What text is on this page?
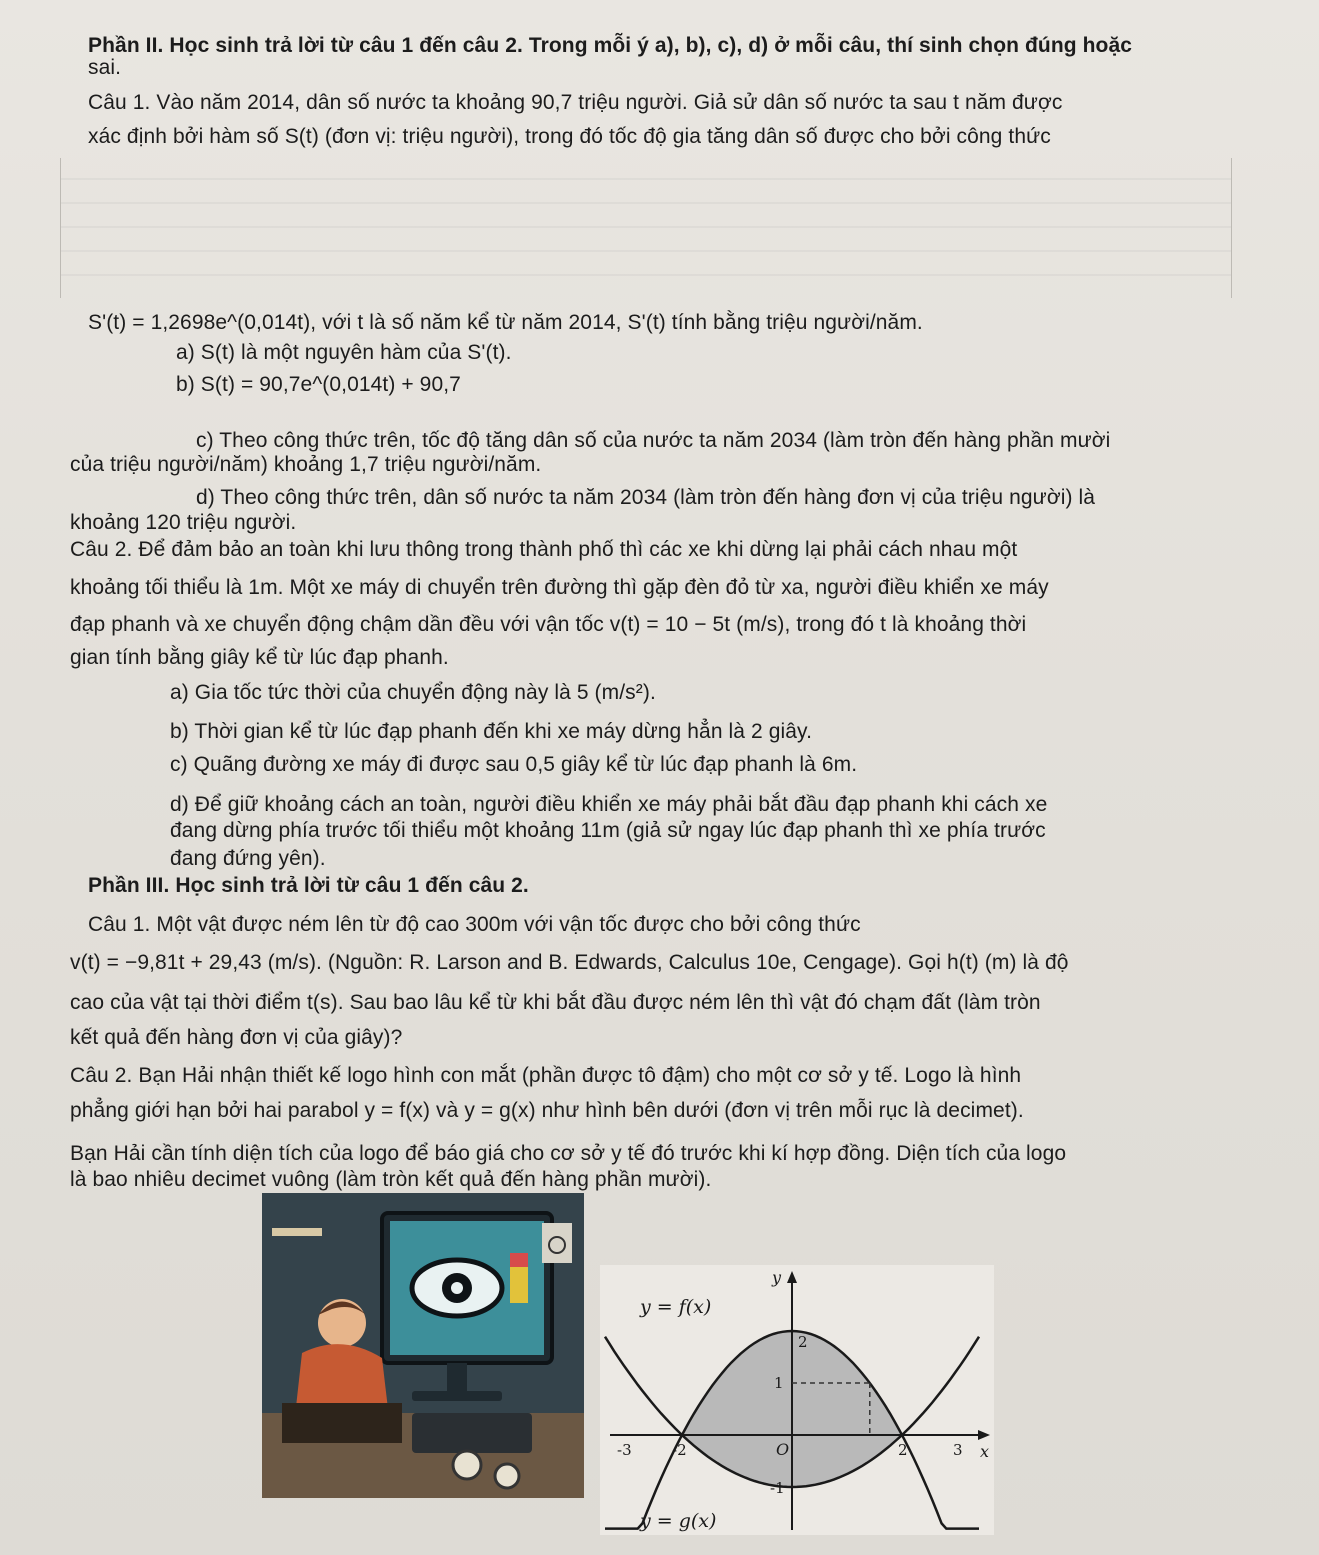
Phần II. Học sinh trả lời từ câu 1 đến câu 2. Trong mỗi ý a), b), c), d) ở mỗi câu, thí sinh chọn đúng hoặc
sai.
Câu 1. Vào năm 2014, dân số nước ta khoảng 90,7 triệu người. Giả sử dân số nước ta sau t năm được
xác định bởi hàm số S(t) (đơn vị: triệu người), trong đó tốc độ gia tăng dân số được cho bởi công thức
S'(t) = 1,2698e^(0,014t), với t là số năm kể từ năm 2014, S'(t) tính bằng triệu người/năm.
a) S(t) là một nguyên hàm của S'(t).
b) S(t) = 90,7e^(0,014t) + 90,7
c) Theo công thức trên, tốc độ tăng dân số của nước ta năm 2034 (làm tròn đến hàng phần mười
của triệu người/năm) khoảng 1,7 triệu người/năm.
d) Theo công thức trên, dân số nước ta năm 2034 (làm tròn đến hàng đơn vị của triệu người) là
khoảng 120 triệu người.
Câu 2. Để đảm bảo an toàn khi lưu thông trong thành phố thì các xe khi dừng lại phải cách nhau một
khoảng tối thiểu là 1m. Một xe máy di chuyển trên đường thì gặp đèn đỏ từ xa, người điều khiển xe máy
đạp phanh và xe chuyển động chậm dần đều với vận tốc v(t) = 10 − 5t (m/s), trong đó t là khoảng thời
gian tính bằng giây kể từ lúc đạp phanh.
a) Gia tốc tức thời của chuyển động này là 5 (m/s²).
b) Thời gian kể từ lúc đạp phanh đến khi xe máy dừng hẳn là 2 giây.
c) Quãng đường xe máy đi được sau 0,5 giây kể từ lúc đạp phanh là 6m.
d) Để giữ khoảng cách an toàn, người điều khiển xe máy phải bắt đầu đạp phanh khi cách xe
đang dừng phía trước tối thiểu một khoảng 11m (giả sử ngay lúc đạp phanh thì xe phía trước
đang đứng yên).
Phần III. Học sinh trả lời từ câu 1 đến câu 2.
Câu 1. Một vật được ném lên từ độ cao 300m với vận tốc được cho bởi công thức
v(t) = −9,81t + 29,43 (m/s). (Nguồn: R. Larson and B. Edwards, Calculus 10e, Cengage). Gọi h(t) (m) là độ
cao của vật tại thời điểm t(s). Sau bao lâu kể từ khi bắt đầu được ném lên thì vật đó chạm đất (làm tròn
kết quả đến hàng đơn vị của giây)?
Câu 2. Bạn Hải nhận thiết kế logo hình con mắt (phần được tô đậm) cho một cơ sở y tế. Logo là hình
phẳng giới hạn bởi hai parabol y = f(x) và y = g(x) như hình bên dưới (đơn vị trên mỗi rục là decimet).
Bạn Hải cần tính diện tích của logo để báo giá cho cơ sở y tế đó trước khi kí hợp đồng. Diện tích của logo
là bao nhiêu decimet vuông (làm tròn kết quả đến hàng phần mười).
y
x
O
y = f(x)
y = g(x)
-3	-2	2	3
2
1
-1
